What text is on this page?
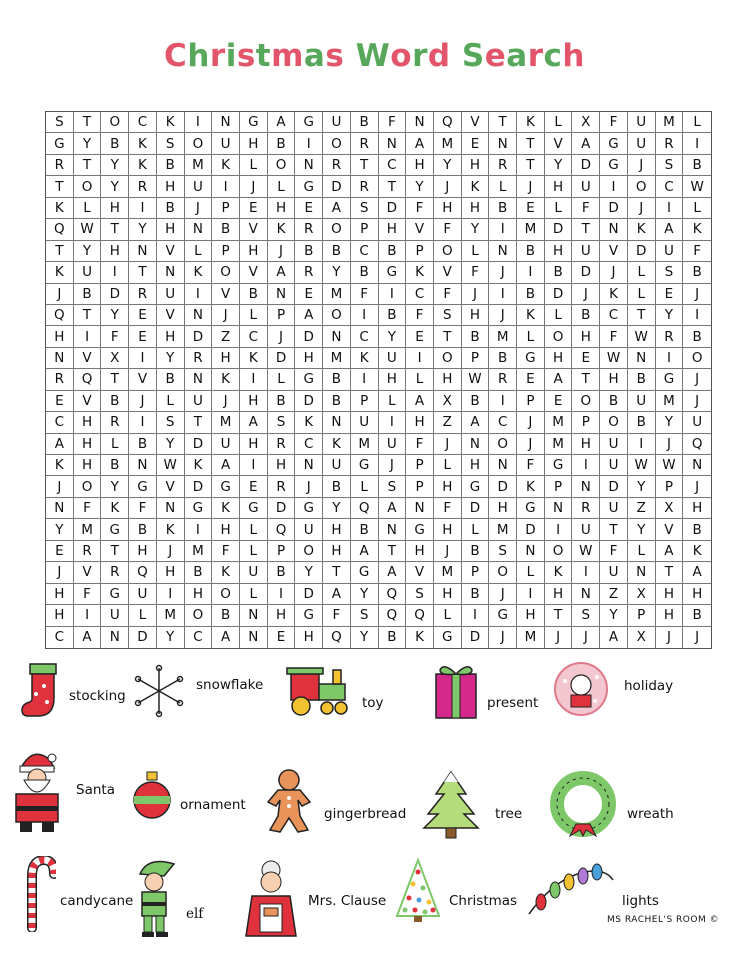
Christmas Word Search
S	T	O	C	K	I	N	G	A	G	U	B	F	N	Q	V	T	K	L	X	F	U	M	L
G	Y	B	K	S	O	U	H	B	I	O	R	N	A	M	E	N	T	V	A	G	U	R	I
R	T	Y	K	B	M	K	L	O	N	R	T	C	H	Y	H	R	T	Y	D	G	J	S	B
T	O	Y	R	H	U	I	J	L	G	D	R	T	Y	J	K	L	J	H	U	I	O	C	W
K	L	H	I	B	J	P	E	H	E	A	S	D	F	H	H	B	E	L	F	D	J	I	L
Q	W	T	Y	H	N	B	V	K	R	O	P	H	V	F	Y	I	M	D	T	N	K	A	K
T	Y	H	N	V	L	P	H	J	B	B	C	B	P	O	L	N	B	H	U	V	D	U	F
K	U	I	T	N	K	O	V	A	R	Y	B	G	K	V	F	J	I	B	D	J	L	S	B
J	B	D	R	U	I	V	B	N	E	M	F	I	C	F	J	I	B	D	J	K	L	E	J
Q	T	Y	E	V	N	J	L	P	A	O	I	B	F	S	H	J	K	L	B	C	T	Y	I
H	I	F	E	H	D	Z	C	J	D	N	C	Y	E	T	B	M	L	O	H	F	W	R	B
N	V	X	I	Y	R	H	K	D	H	M	K	U	I	O	P	B	G	H	E	W	N	I	O
R	Q	T	V	B	N	K	I	L	G	B	I	H	L	H	W	R	E	A	T	H	B	G	J
E	V	B	J	L	U	J	H	B	D	B	P	L	A	X	B	I	P	E	O	B	U	M	J
C	H	R	I	S	T	M	A	S	K	N	U	I	H	Z	A	C	J	M	P	O	B	Y	U
A	H	L	B	Y	D	U	H	R	C	K	M	U	F	J	N	O	J	M	H	U	I	J	Q
K	H	B	N	W	K	A	I	H	N	U	G	J	P	L	H	N	F	G	I	U	W	W	N
J	O	Y	G	V	D	G	E	R	J	B	L	S	P	H	G	D	K	P	N	D	Y	P	J
N	F	K	F	N	G	K	G	D	G	Y	Q	A	N	F	D	H	G	N	R	U	Z	X	H
Y	M	G	B	K	I	H	L	Q	U	H	B	N	G	H	L	M	D	I	U	T	Y	V	B
E	R	T	H	J	M	F	L	P	O	H	A	T	H	J	B	S	N	O	W	F	L	A	K
J	V	R	Q	H	B	K	U	B	Y	T	G	A	V	M	P	O	L	K	I	U	N	T	A
H	F	G	U	I	H	O	L	I	D	A	Y	Q	S	H	B	J	I	H	N	Z	X	H	H
H	I	U	L	M	O	B	N	H	G	F	S	Q	Q	L	I	G	H	T	S	Y	P	H	B
C	A	N	D	Y	C	A	N	E	H	Q	Y	B	K	G	D	J	M	J	J	A	X	J	J
stocking
snowflake
toy	present
holiday
Santa
ornament
gingerbread	tree	wreath
candycane
elf
Mrs. Clause	Christmas	lights
MS RACHEL'S ROOM ©
